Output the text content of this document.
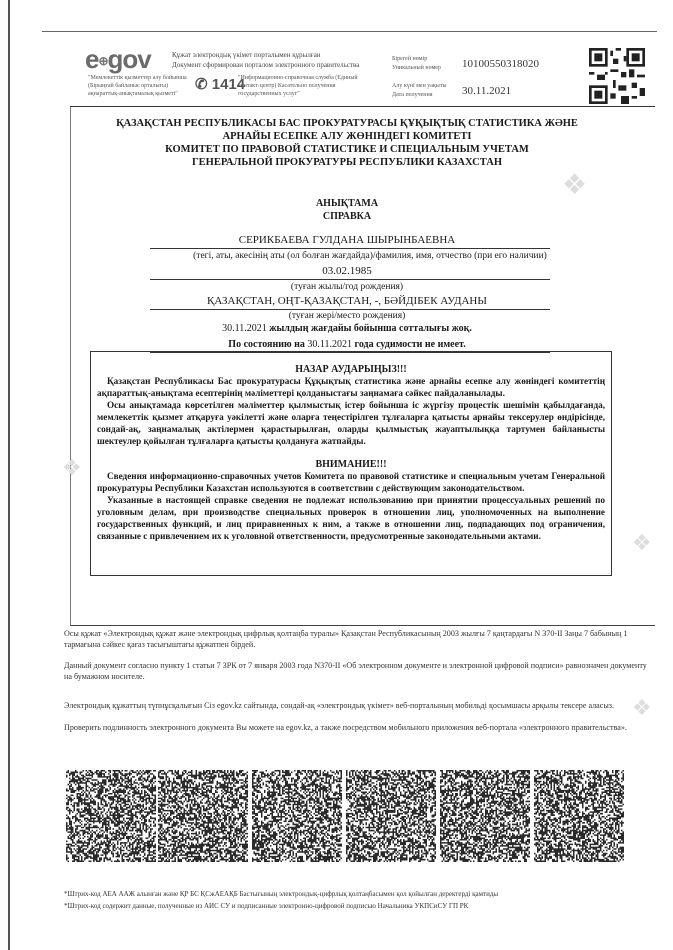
e⊕gov	Құжат электрондық үкімет порталымен құрылған
Документ сформирован порталом электронного правительства
"Мемлекеттік қызметтер алу бойынша (Бірыңғай байланыс орталығы) ақпараттық-анықтамалық қызметі"
✆ 1414
"Информационно-справочная служба (Единый контакт-центр) Касательно получения государственных услуг"
Бірегей нөмір
Уникальный номер 10100550318020
Алу күні мен уақыты
Дата получения	30.11.2021
❖
❖
❖
❖
ҚАЗАҚСТАН РЕСПУБЛИКАСЫ БАС ПРОКУРАТУРАСЫ ҚҰҚЫҚТЫҚ СТАТИСТИКА ЖӘНЕ
АРНАЙЫ ЕСЕПКЕ АЛУ ЖӨНІНДЕГІ КОМИТЕТІ
КОМИТЕТ ПО ПРАВОВОЙ СТАТИСТИКЕ И СПЕЦИАЛЬНЫМ УЧЕТАМ
ГЕНЕРАЛЬНОЙ ПРОКУРАТУРЫ РЕСПУБЛИКИ КАЗАХСТАН
АНЫҚТАМА
СПРАВКА
СЕРИКБАЕВА ГУЛДАНА ШЫРЫНБАЕВНА
(тегі, аты, әкесінің аты (ол болған жағдайда)/фамилия, имя, отчество (при его наличии)
03.02.1985
(туған жылы/год рождения)
ҚАЗАҚСТАН, ОҢТ-ҚАЗАҚСТАН, -, БӘЙДІБЕК АУДАНЫ
(туған жері/место рождения)
30.11.2021 жылдың жағдайы бойынша сотталығы жоқ.
По состоянию на 30.11.2021 года судимости не имеет.
НАЗАР АУДАРЫҢЫЗ!!!

Қазақстан Республикасы Бас прокуратурасы Құқықтық статистика және арнайы есепке алу жөніндегі комитеттің ақпараттық-анықтама есептерінің мәліметтері қолданыстағы заңнамаға сәйкес пайдаланылады.

Осы анықтамада көрсетілген мәліметтер қылмыстық істер бойынша іс жүргізу процестік шешімін қабылдағанда, мемлекеттік қызмет атқаруға уәкілетті және оларға теңестірілген тұлғаларға қатысты арнайы тексерулер өндірісінде, сондай-ақ, заңнамалық актілермен қарастырылған, оларды қылмыстық жауаптылыққа тартумен байланысты шектеулер қойылған тұлғаларға қатысты қолдануға жатпайды.

ВНИМАНИЕ!!!

Сведения информационно-справочных учетов Комитета по правовой статистике и специальным учетам Генеральной прокуратуры Республики Казахстан используются в соответствии с действующим законодательством.

Указанные в настоящей справке сведения не подлежат использованию при принятии процессуальных решений по уголовным делам, при производстве специальных проверок в отношении лиц, уполномоченных на выполнение государственных функций, и лиц приравненных к ним, а также в отношении лиц, подпадающих под ограничения, связанные с привлечением их к уголовной ответственности, предусмотренные законодательными актами.

Осы құжат «Электрондық құжат және электрондық цифрлық қолтаңба туралы» Қазақстан Республикасының 2003 жылғы 7 қаңтардағы N 370-II Заңы 7 бабының 1 тармағына сәйкес қағаз тасығыштағы құжатпен бірдей.
Данный документ согласно пункту 1 статьи 7 ЗРК от 7 января 2003 года N370-II «Об электронном документе и электронной цифровой подписи» равнозначен документу на бумажном носителе.
Электрондық құжаттың түпнұсқалығын Сіз egov.kz сайтында, сондай-ақ «электрондық үкімет» веб-порталының мобильді қосымшасы арқылы тексере аласыз.
Проверить подлинность электронного документа Вы можете на egov.kz, а также посредством мобильного приложения веб-портала «электронного правительства».
*Штрих-код АЕА ААЖ алынған және ҚР БС ҚСжАЕАҚБ Бастығының электрондық-цифрлық қолтаңбасымен қол қойылған деректерді қамтиды
*Штрих-код содержит данные, полученные из АИС СУ и подписанные электронно-цифровой подписью Начальника УКПСиСУ ГП РК
